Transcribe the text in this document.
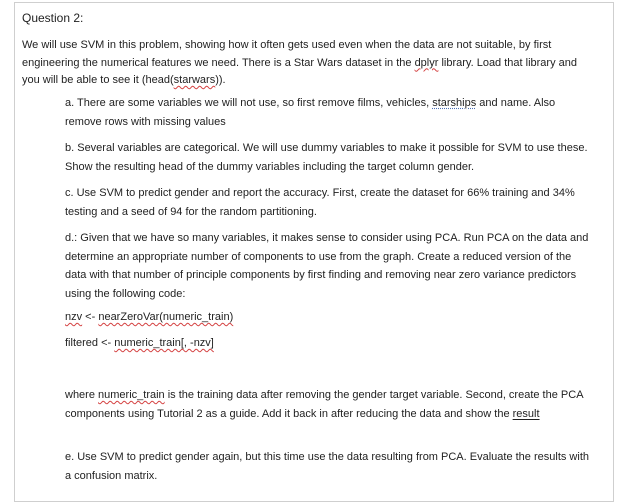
Question 2:
We will use SVM in this problem, showing how it often gets used even when the data are not suitable, by first engineering the numerical features we need. There is a Star Wars dataset in the dplyr library. Load that library and you will be able to see it (head(starwars)).
a. There are some variables we will not use, so first remove films, vehicles, starships and name. Also remove rows with missing values
b. Several variables are categorical. We will use dummy variables to make it possible for SVM to use these. Show the resulting head of the dummy variables including the target column gender.
c. Use SVM to predict gender and report the accuracy. First, create the dataset for 66% training and 34% testing and a seed of 94 for the random partitioning.
d.: Given that we have so many variables, it makes sense to consider using PCA. Run PCA on the data and determine an appropriate number of components to use from the graph. Create a reduced version of the data with that number of principle components by first finding and removing near zero variance predictors using the following code:
nzv <- nearZeroVar(numeric_train)
filtered <- numeric_train[, -nzv]
where numeric_train is the training data after removing the gender target variable. Second, create the PCA components using Tutorial 2 as a guide. Add it back in after reducing the data and show the result
e. Use SVM to predict gender again, but this time use the data resulting from PCA. Evaluate the results with a confusion matrix.
